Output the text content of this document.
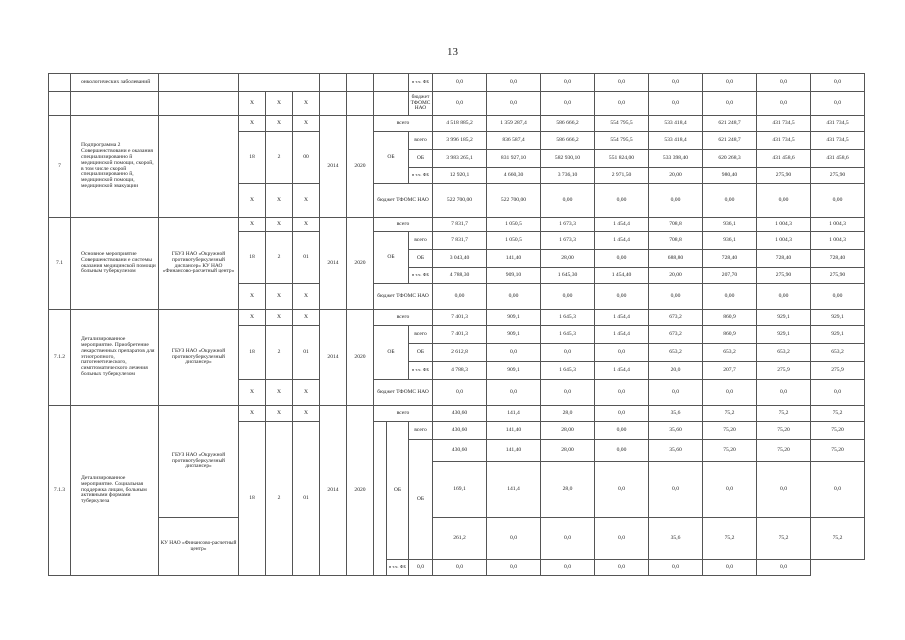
13
	онкологических заболеваний									в т.ч. ФБ	0,0	0,0	0,0	0,0	0,0	0,0	0,0	0,0
			Х	Х	Х					бюджет ТФОМС НАО	0,0	0,0	0,0	0,0	0,0	0,0	0,0	0,0
7	Подпрограмма 2 Совершенствовани е оказания специализированно й медицинской помощи, скорой, в том числе скорой специализированно й, медицинской помощи, медицинской эвакуации		Х	Х	Х	2014	2020	всего			4 518 885,2	1 359 287,4	586 666,2	554 795,5	533 418,4	621 248,7	431 734,5	431 734,5
			18	2	00			ОБ		всего	3 996 185,2	836 587,4	586 666,2	554 795,5	533 418,4	621 248,7	431 734,5	431 734,5
										ОБ	3 983 265,1	831 927,10	582 930,10	551 824,00	533 398,40	620 268,3	431 458,6	431 458,6
										в т.ч. ФБ	12 920,1	4 660,30	3 736,10	2 971,50	20,00	980,40	275,90	275,90
			Х	Х	Х			бюджет ТФОМС НАО			522 700,00	522 700,00	0,00	0,00	0,00	0,00	0,00	0,00
7.1	Основное мероприятие Совершенствовани е системы оказания медицинской помощи больным туберкулезом	ГБУЗ НАО «Окружной противотуберкулезный диспансер» КУ НАО «Финансово-расчетный центр»	Х	Х	Х	2014	2020	всего			7 831,7	1 050,5	1 673,3	1 454,4	708,8	936,1	1 004,3	1 004,3
			18	2	01			ОБ		всего	7 831,7	1 050,5	1 673,3	1 454,4	708,8	936,1	1 004,3	1 004,3
										ОБ	3 043,40	141,40	28,00	0,00	688,80	728,40	728,40	728,40
										в т.ч. ФБ	4 788,30	909,10	1 645,30	1 454,40	20,00	207,70	275,90	275,90
			Х	Х	Х			бюджет ТФОМС НАО			0,00	0,00	0,00	0,00	0,00	0,00	0,00	0,00
7.1.2	Детализированное мероприятие. Приобретение лекарственных препаратов для этиотропного, патогенетического, симптоматического лечения больных туберкулезом	ГБУЗ НАО «Окружной противотуберкулезный диспансер»	Х	Х	Х	2014	2020	всего			7 401,3	909,1	1 645,3	1 454,4	673,2	860,9	929,1	929,1
			18	2	01			ОБ		всего	7 401,3	909,1	1 645,3	1 454,4	673,2	860,9	929,1	929,1
										ОБ	2 612,8	0,0	0,0	0,0	653,2	653,2	653,2	653,2
										в т.ч. ФБ	4 788,3	909,1	1 645,3	1 454,4	20,0	207,7	275,9	275,9
			Х	Х	Х			бюджет ТФОМС НАО			0,0	0,0	0,0	0,0	0,0	0,0	0,0	0,0
7.1.3	Детализированное мероприятие. Социальная поддержка лицам, больным активными формами туберкулеза	ГБУЗ НАО «Окружной противотуберкулезный диспансер»	Х	Х	Х	2014	2020	всего			430,60	141,4	28,0	0,0	35,6	75,2	75,2	75,2
			18	2	01				ОБ	всего	430,60	141,40	28,00	0,00	35,60	75,20	75,20	75,20
										ОБ	430,60	141,40	28,00	0,00	35,60	75,20	75,20	75,20
											169,1	141,4	28,0	0,0	0,0	0,0	0,0	0,0
		КУ НАО «Финансово-расчетный центр»									261,2	0,0	0,0	0,0	35,6	75,2	75,2	75,2
									в т.ч. ФБ	0,0	0,0	0,0	0,0	0,0	0,0	0,0	0,0	
